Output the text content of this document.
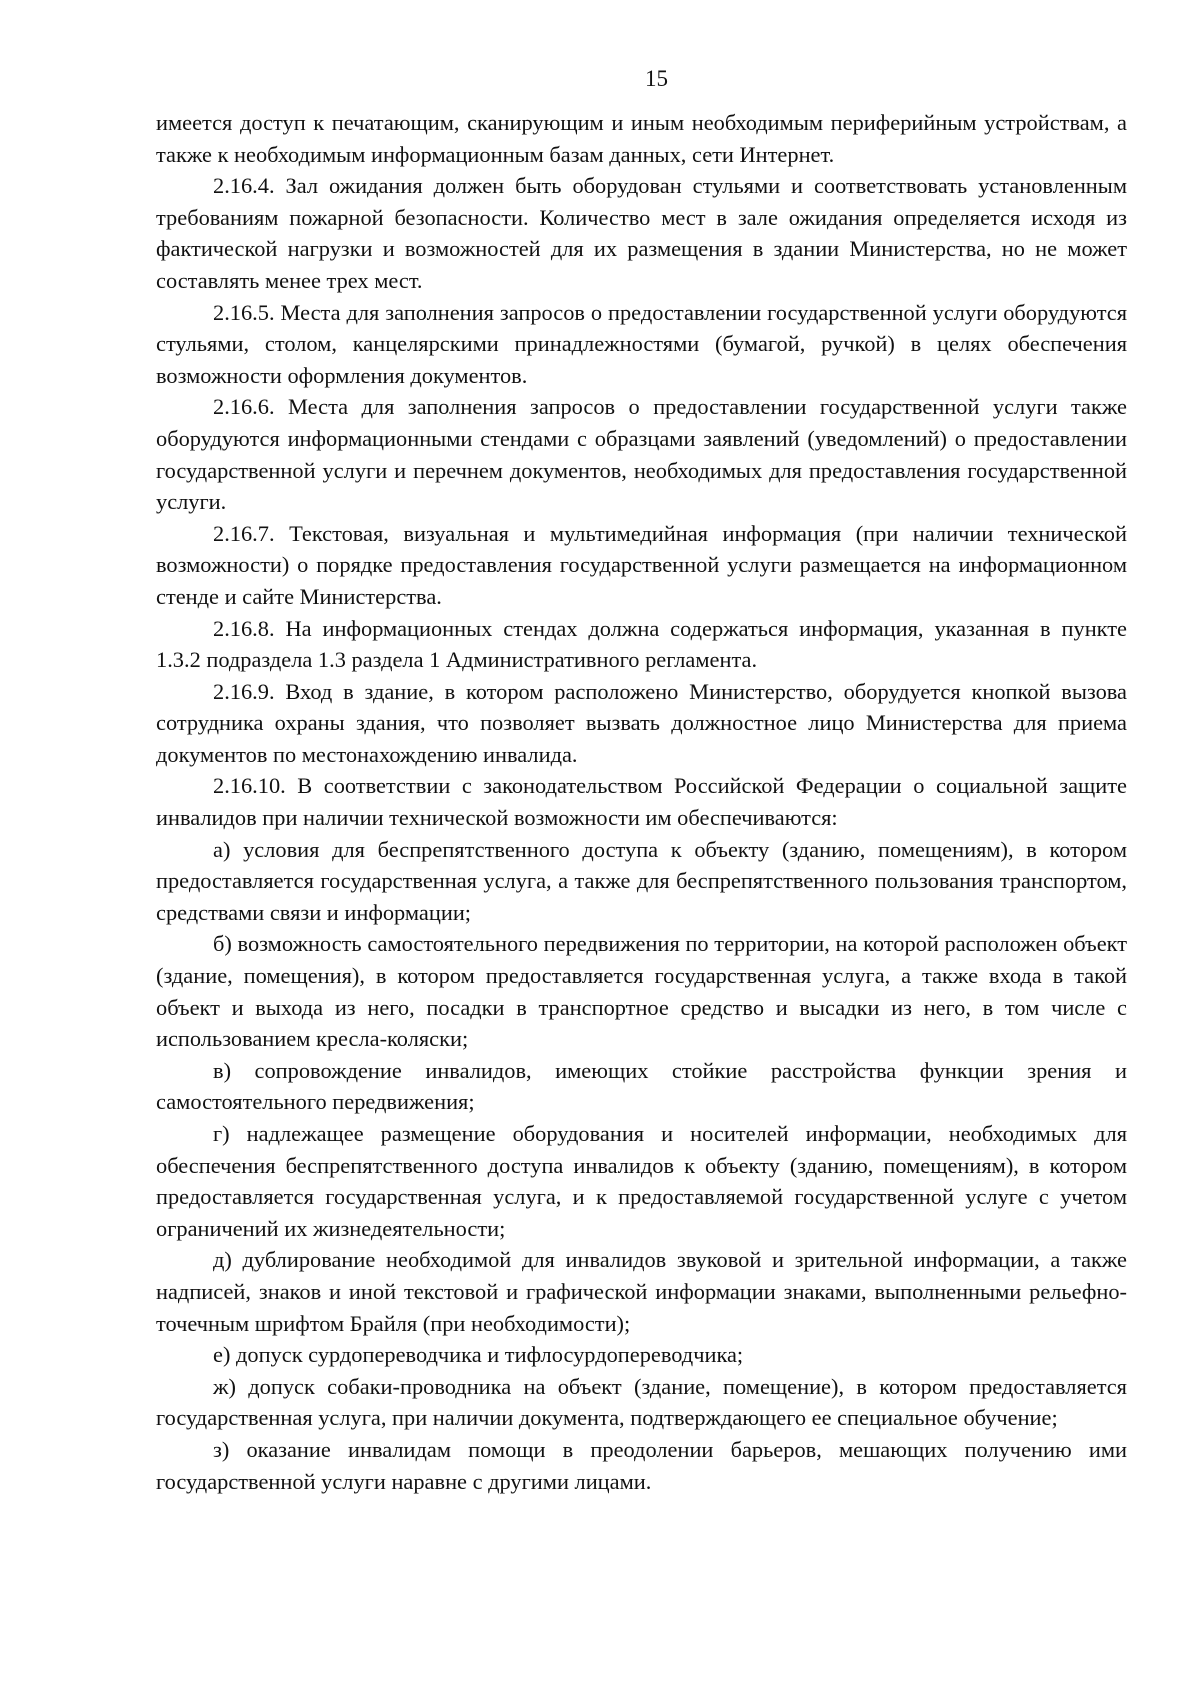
15

имеется доступ к печатающим, сканирующим и иным необходимым периферийным устройствам, а также к необходимым информационным базам данных, сети Интернет.

2.16.4. Зал ожидания должен быть оборудован стульями и соответствовать установленным требованиям пожарной безопасности. Количество мест в зале ожидания определяется исходя из фактической нагрузки и возможностей для их размещения в здании Министерства, но не может составлять менее трех мест.

2.16.5. Места для заполнения запросов о предоставлении государственной услуги оборудуются стульями, столом, канцелярскими принадлежностями (бумагой, ручкой) в целях обеспечения возможности оформления документов.

2.16.6. Места для заполнения запросов о предоставлении государственной услуги также оборудуются информационными стендами с образцами заявлений (уведомлений) о предоставлении государственной услуги и перечнем документов, необходимых для предоставления государственной услуги.

2.16.7. Текстовая, визуальная и мультимедийная информация (при наличии технической возможности) о порядке предоставления государственной услуги размещается на информационном стенде и сайте Министерства.

2.16.8. На информационных стендах должна содержаться информация, указанная в пункте 1.3.2 подраздела 1.3 раздела 1 Административного регламента.

2.16.9. Вход в здание, в котором расположено Министерство, оборудуется кнопкой вызова сотрудника охраны здания, что позволяет вызвать должностное лицо Министерства для приема документов по местонахождению инвалида.

2.16.10. В соответствии с законодательством Российской Федерации о социальной защите инвалидов при наличии технической возможности им обеспечиваются:

а) условия для беспрепятственного доступа к объекту (зданию, помещениям), в котором предоставляется государственная услуга, а также для беспрепятственного пользования транспортом, средствами связи и информации;

б) возможность самостоятельного передвижения по территории, на которой расположен объект (здание, помещения), в котором предоставляется государственная услуга, а также входа в такой объект и выхода из него, посадки в транспортное средство и высадки из него, в том числе с использованием кресла-коляски;

в) сопровождение инвалидов, имеющих стойкие расстройства функции зрения и самостоятельного передвижения;

г) надлежащее размещение оборудования и носителей информации, необходимых для обеспечения беспрепятственного доступа инвалидов к объекту (зданию, помещениям), в котором предоставляется государственная услуга, и к предоставляемой государственной услуге с учетом ограничений их жизнедеятельности;

д) дублирование необходимой для инвалидов звуковой и зрительной информации, а также надписей, знаков и иной текстовой и графической информации знаками, выполненными рельефно-точечным шрифтом Брайля (при необходимости);

е) допуск сурдопереводчика и тифлосурдопереводчика;

ж) допуск собаки-проводника на объект (здание, помещение), в котором предоставляется государственная услуга, при наличии документа, подтверждающего ее специальное обучение;

з) оказание инвалидам помощи в преодолении барьеров, мешающих получению ими государственной услуги наравне с другими лицами.
